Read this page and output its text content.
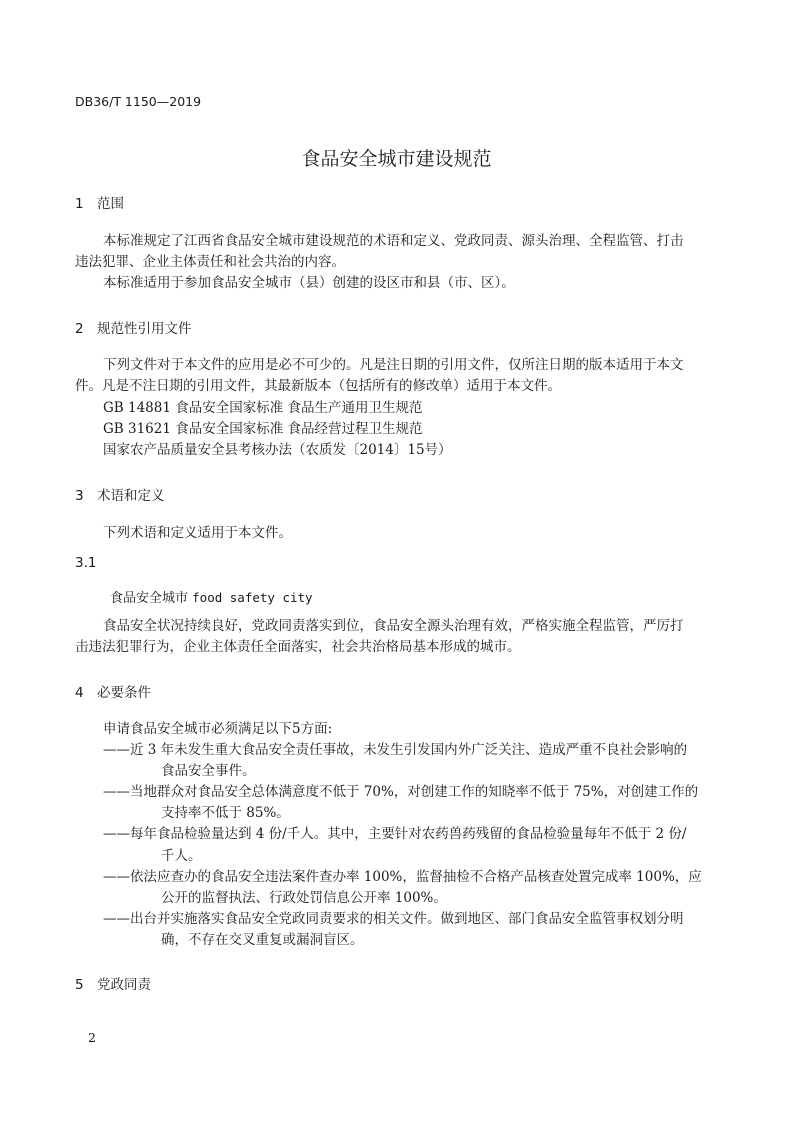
DB36/T 1150—2019
食品安全城市建设规范
1 范围
本标准规定了江西省食品安全城市建设规范的术语和定义、党政同责、源头治理、全程监管、打击
违法犯罪、企业主体责任和社会共治的内容。
本标准适用于参加食品安全城市（县）创建的设区市和县（市、区）。
2 规范性引用文件
下列文件对于本文件的应用是必不可少的。凡是注日期的引用文件，仅所注日期的版本适用于本文
件。凡是不注日期的引用文件，其最新版本（包括所有的修改单）适用于本文件。
GB 14881 食品安全国家标准 食品生产通用卫生规范
GB 31621 食品安全国家标准 食品经营过程卫生规范
国家农产品质量安全县考核办法（农质发〔2014〕15号）
3 术语和定义
下列术语和定义适用于本文件。
3.1
食品安全城市 food safety city
食品安全状况持续良好，党政同责落实到位，食品安全源头治理有效，严格实施全程监管，严厉打
击违法犯罪行为，企业主体责任全面落实，社会共治格局基本形成的城市。
4 必要条件
申请食品安全城市必须满足以下5方面:
——近 3 年未发生重大食品安全责任事故，未发生引发国内外广泛关注、造成严重不良社会影响的
食品安全事件。
——当地群众对食品安全总体满意度不低于 70%，对创建工作的知晓率不低于 75%，对创建工作的
支持率不低于 85%。
——每年食品检验量达到 4 份/千人。其中，主要针对农药兽药残留的食品检验量每年不低于 2 份/
千人。
——依法应查办的食品安全违法案件查办率 100%，监督抽检不合格产品核查处置完成率 100%，应
公开的监督执法、行政处罚信息公开率 100%。
——出台并实施落实食品安全党政同责要求的相关文件。做到地区、部门食品安全监管事权划分明
确，不存在交叉重复或漏洞盲区。
5 党政同责
2
